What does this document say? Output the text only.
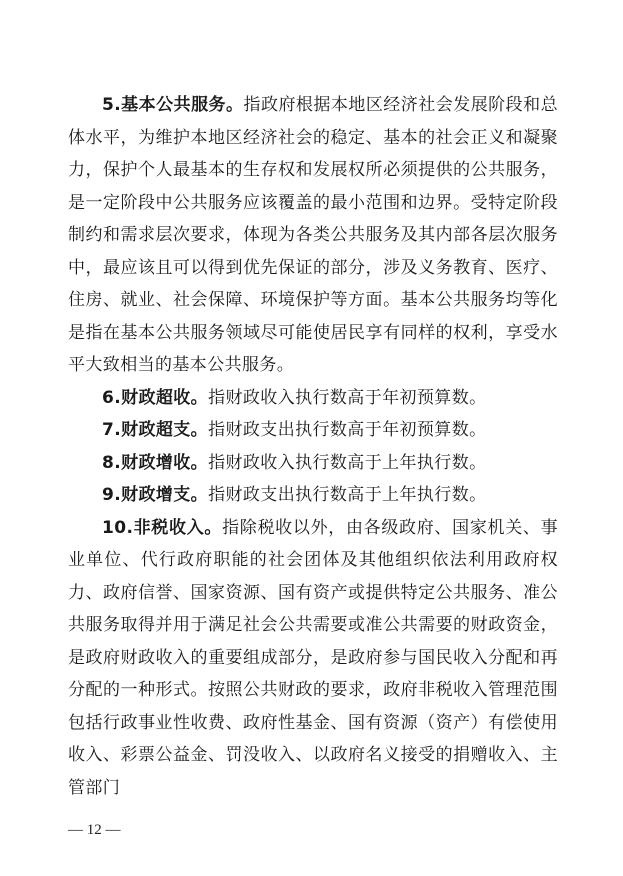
5.基本公共服务。指政府根据本地区经济社会发展阶段和总体水平，为维护本地区经济社会的稳定、基本的社会正义和凝聚力，保护个人最基本的生存权和发展权所必须提供的公共服务，是一定阶段中公共服务应该覆盖的最小范围和边界。受特定阶段制约和需求层次要求，体现为各类公共服务及其内部各层次服务中，最应该且可以得到优先保证的部分，涉及义务教育、医疗、住房、就业、社会保障、环境保护等方面。基本公共服务均等化是指在基本公共服务领域尽可能使居民享有同样的权利，享受水平大致相当的基本公共服务。

6.财政超收。指财政收入执行数高于年初预算数。

7.财政超支。指财政支出执行数高于年初预算数。

8.财政增收。指财政收入执行数高于上年执行数。

9.财政增支。指财政支出执行数高于上年执行数。

10.非税收入。指除税收以外，由各级政府、国家机关、事业单位、代行政府职能的社会团体及其他组织依法利用政府权力、政府信誉、国家资源、国有资产或提供特定公共服务、准公共服务取得并用于满足社会公共需要或准公共需要的财政资金，是政府财政收入的重要组成部分，是政府参与国民收入分配和再分配的一种形式。按照公共财政的要求，政府非税收入管理范围包括行政事业性收费、政府性基金、国有资源（资产）有偿使用收入、彩票公益金、罚没收入、以政府名义接受的捐赠收入、主管部门

— 12 —
